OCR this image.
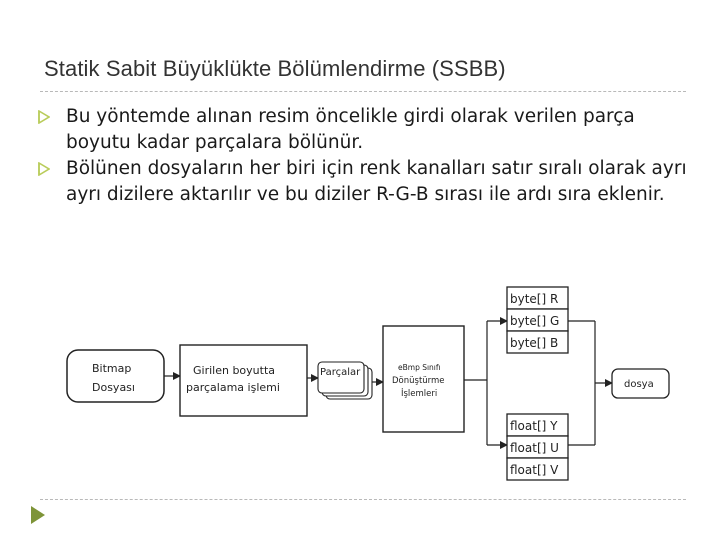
Statik Sabit Büyüklükte Bölümlendirme (SSBB)
Bu yöntemde alınan resim öncelikle girdi olarak verilen parça boyutu kadar parçalara bölünür.
Bölünen dosyaların her biri için renk kanalları satır sıralı olarak ayrı ayrı dizilere aktarılır ve bu diziler R-G-B sırası ile ardı sıra eklenir.
Bitmap
Dosyası
Girilen boyutta
parçalama işlemi
Parçalar	eBmp Sınıfı
Dönüştürme
İşlemleri
byte[] R
byte[] G
byte[] B
float[] Y
float[] U
float[] V
dosya
